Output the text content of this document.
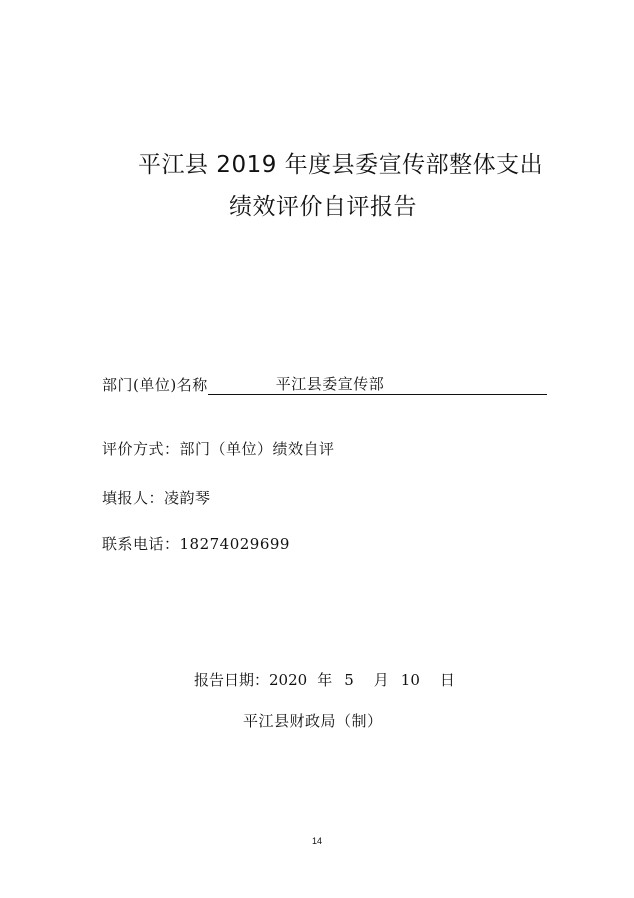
平江县 2019 年度县委宣传部整体支出
绩效评价自评报告
部门(单位)名称	平江县委宣传部
评价方式：部门（单位）绩效自评
填报人：凌韵琴
联系电话：18274029699
报告日期：2020 年 5 月 10 日
平江县财政局（制）
14
